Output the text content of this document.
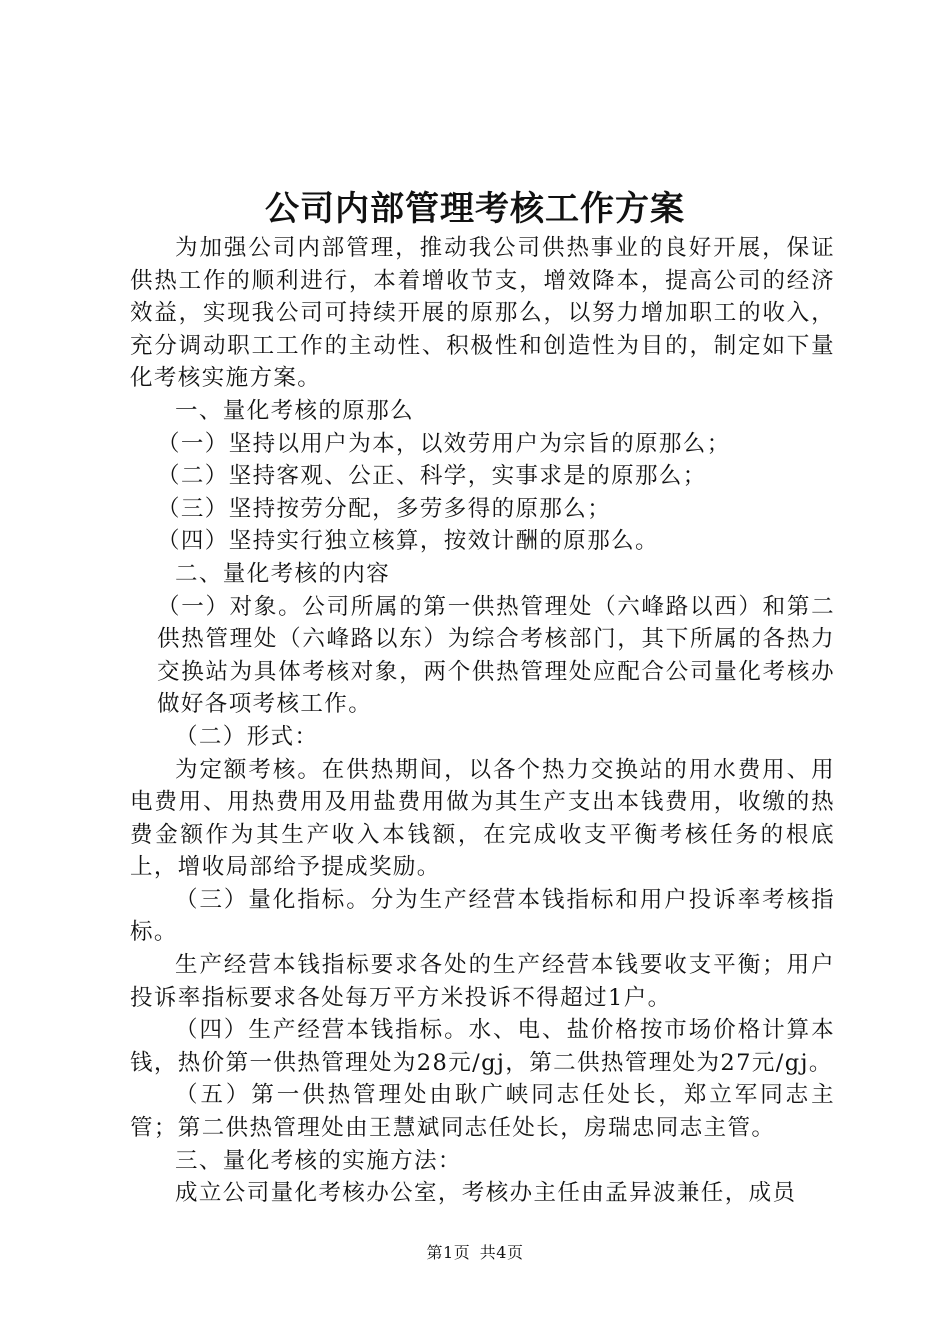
公司内部管理考核工作方案

为加强公司内部管理，推动我公司供热事业的良好开展，保证供热工作的顺利进行，本着增收节支，增效降本，提高公司的经济效益，实现我公司可持续开展的原那么，以努力增加职工的收入，充分调动职工工作的主动性、积极性和创造性为目的，制定如下量化考核实施方案。

一、量化考核的原那么

（一）坚持以用户为本，以效劳用户为宗旨的原那么；

（二）坚持客观、公正、科学，实事求是的原那么；

（三）坚持按劳分配，多劳多得的原那么；

（四）坚持实行独立核算，按效计酬的原那么。

二、量化考核的内容

（一）对象。公司所属的第一供热管理处（六峰路以西）和第二供热管理处（六峰路以东）为综合考核部门，其下所属的各热力交换站为具体考核对象，两个供热管理处应配合公司量化考核办做好各项考核工作。

（二）形式：

为定额考核。在供热期间，以各个热力交换站的用水费用、用电费用、用热费用及用盐费用做为其生产支出本钱费用，收缴的热费金额作为其生产收入本钱额，在完成收支平衡考核任务的根底上，增收局部给予提成奖励。

（三）量化指标。分为生产经营本钱指标和用户投诉率考核指标。

生产经营本钱指标要求各处的生产经营本钱要收支平衡；用户投诉率指标要求各处每万平方米投诉不得超过1户。

（四）生产经营本钱指标。水、电、盐价格按市场价格计算本钱，热价第一供热管理处为28元/gj，第二供热管理处为27元/gj。

（五）第一供热管理处由耿广峡同志任处长，郑立军同志主管；第二供热管理处由王慧斌同志任处长，房瑞忠同志主管。

三、量化考核的实施方法：

成立公司量化考核办公室，考核办主任由孟异波兼任，成员

第1页 共4页
